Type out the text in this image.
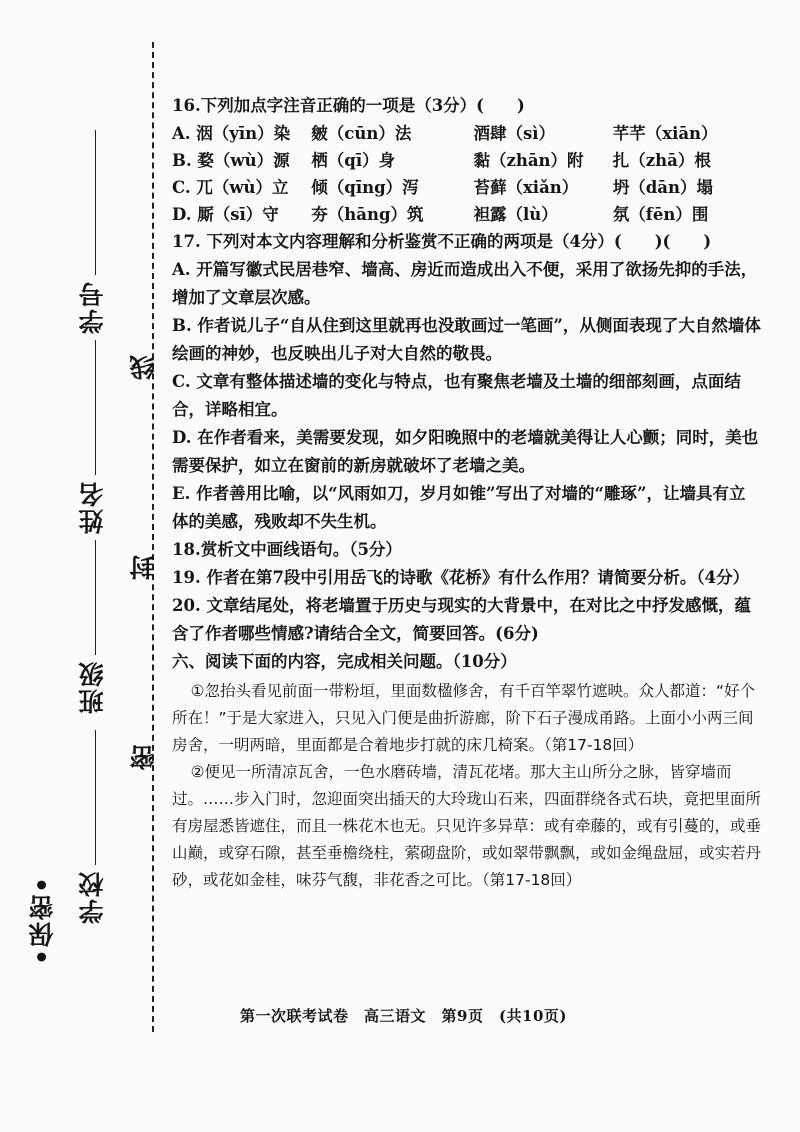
•保密• 学校
班级
姓名
学号
密
封
线

16.下列加点字注音正确的一项是（3分）(　　)

A. 洇（yīn）染	皴（cūn）法	酒肆（sì）	芊芊（xiān）
B. 婺（wù）源	栖（qī）身	黏（zhān）附	扎（zhā）根
C. 兀（wù）立	倾（qīng）泻	苔藓（xiǎn）	坍（dān）塌
D. 厮（sī）守	夯（hāng）筑	袒露（lù）	氛（fēn）围

17. 下列对本文内容理解和分析鉴赏不正确的两项是（4分）(　　)(　　)

A. 开篇写徽式民居巷窄、墙高、房近而造成出入不便，采用了欲扬先抑的手法，增加了文章层次感。

B. 作者说儿子“自从住到这里就再也没敢画过一笔画”，从侧面表现了大自然墙体绘画的神妙，也反映出儿子对大自然的敬畏。

C. 文章有整体描述墙的变化与特点，也有聚焦老墙及土墙的细部刻画，点面结合，详略相宜。

D. 在作者看来，美需要发现，如夕阳晚照中的老墙就美得让人心颤；同时，美也需要保护，如立在窗前的新房就破坏了老墙之美。

E. 作者善用比喻，以“风雨如刀，岁月如锥”写出了对墙的“雕琢”，让墙具有立体的美感，残败却不失生机。

18.赏析文中画线语句。（5分）

19. 作者在第7段中引用岳飞的诗歌《花桥》有什么作用？请简要分析。（4分）

20. 文章结尾处，将老墙置于历史与现实的大背景中，在对比之中抒发感慨，蕴含了作者哪些情感?请结合全文，简要回答。(6分)

六、阅读下面的内容，完成相关问题。（10分）

①忽抬头看见前面一带粉垣，里面数楹修舍，有千百竿翠竹遮映。众人都道：“好个所在！”于是大家进入，只见入门便是曲折游廊，阶下石子漫成甬路。上面小小两三间房舍，一明两暗，里面都是合着地步打就的床几椅案。（第17-18回）

②便见一所清凉瓦舍，一色水磨砖墙，清瓦花堵。那大主山所分之脉，皆穿墙而过。……步入门时，忽迎面突出插天的大玲珑山石来，四面群绕各式石块，竟把里面所有房屋悉皆遮住，而且一株花木也无。只见许多异草：或有牵藤的，或有引蔓的，或垂山巅，或穿石隙，甚至垂檐绕柱，萦砌盘阶，或如翠带飘飘，或如金绳盘屈，或实若丹砂，或花如金桂，味芬气馥，非花香之可比。（第17-18回）

第一次联考试卷　高三语文　第9页　(共10页)
